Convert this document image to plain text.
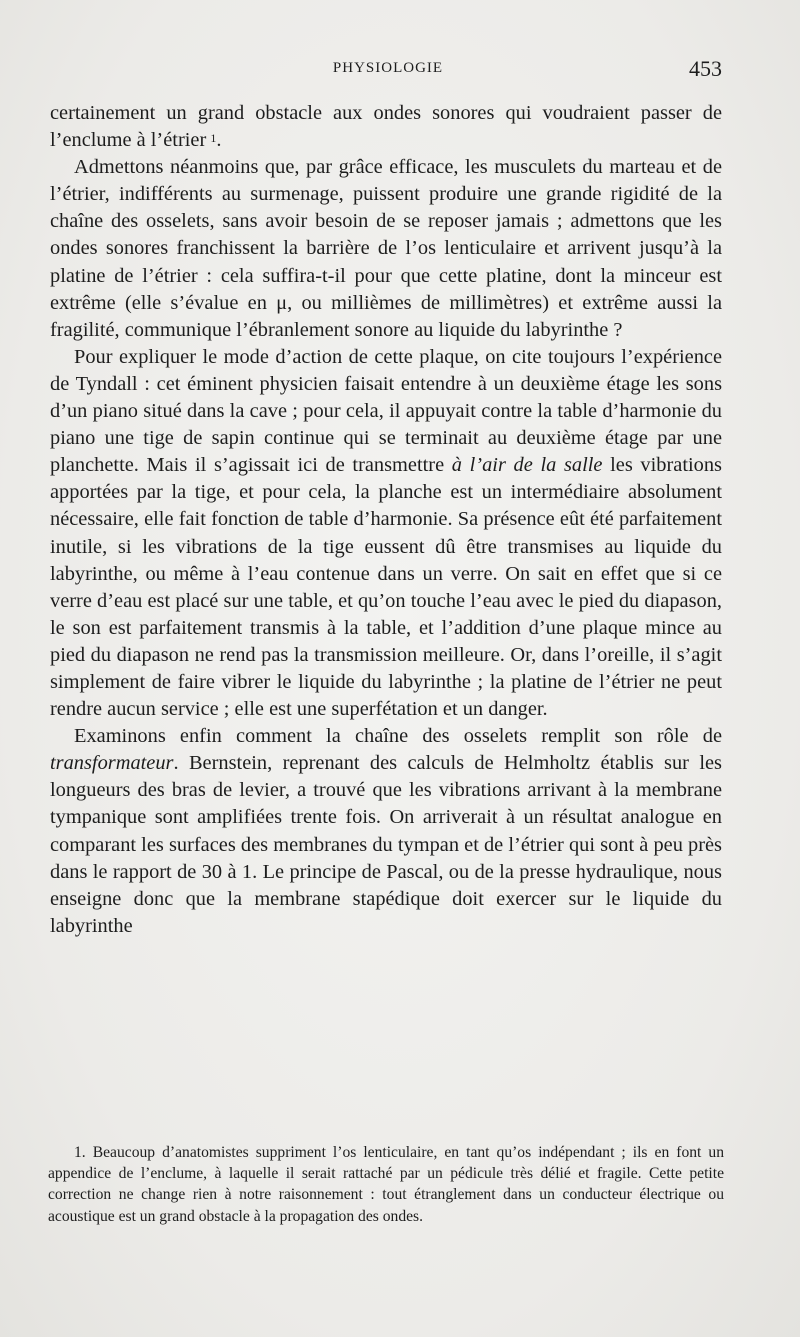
PHYSIOLOGIE	453

certainement un grand obstacle aux ondes sonores qui voudraient passer de l’enclume à l’étrier  $^1$.

Admettons néanmoins que, par grâce efficace, les musculets du marteau et de l’étrier, indifférents au surmenage, puissent produire une grande rigidité de la chaîne des osselets, sans avoir besoin de se reposer jamais ; admettons que les ondes sonores franchissent la barrière de l’os lenticulaire et arrivent jusqu’à la platine de l’étrier : cela suffira-t-il pour que cette platine, dont la minceur est extrême (elle s’évalue en μ, ou millièmes de millimètres) et extrême aussi la fragilité, communique l’ébranlement sonore au liquide du labyrinthe ?

Pour expliquer le mode d’action de cette plaque, on cite toujours l’expérience de Tyndall : cet éminent physicien faisait entendre à un deuxième étage les sons d’un piano situé dans la cave ; pour cela, il appuyait contre la table d’harmonie du piano une tige de sapin continue qui se terminait au deuxième étage par une planchette. Mais il s’agissait ici de transmettre à l’air de la salle les vibrations apportées par la tige, et pour cela, la planche est un intermédiaire absolument nécessaire, elle fait fonction de table d’harmonie. Sa présence eût été parfaitement inutile, si les vibrations de la tige eussent dû être transmises au liquide du labyrinthe, ou même à l’eau contenue dans un verre. On sait en effet que si ce verre d’eau est placé sur une table, et qu’on touche l’eau avec le pied du diapason, le son est parfaitement transmis à la table, et l’addition d’une plaque mince au pied du diapason ne rend pas la transmission meilleure. Or, dans l’oreille, il s’agit simplement de faire vibrer le liquide du labyrinthe ; la platine de l’étrier ne peut rendre aucun service ; elle est une superfétation et un danger.

Examinons enfin comment la chaîne des osselets remplit son rôle de transformateur. Bernstein, reprenant des calculs de Helmholtz établis sur les longueurs des bras de levier, a trouvé que les vibrations arrivant à la membrane tympanique sont amplifiées trente fois. On arriverait à un résultat analogue en comparant les surfaces des membranes du tympan et de l’étrier qui sont à peu près dans le rapport de 30 à 1. Le principe de Pascal, ou de la presse hydraulique, nous enseigne donc que la membrane stapédique doit exercer sur le liquide du labyrinthe

1. Beaucoup d’anatomistes suppriment l’os lenticulaire, en tant qu’os indépendant ; ils en font un appendice de l’enclume, à laquelle il serait rattaché par un pédicule très délié et fragile. Cette petite correction ne change rien à notre raisonnement : tout étranglement dans un conducteur électrique ou acoustique est un grand obstacle à la propagation des ondes.
